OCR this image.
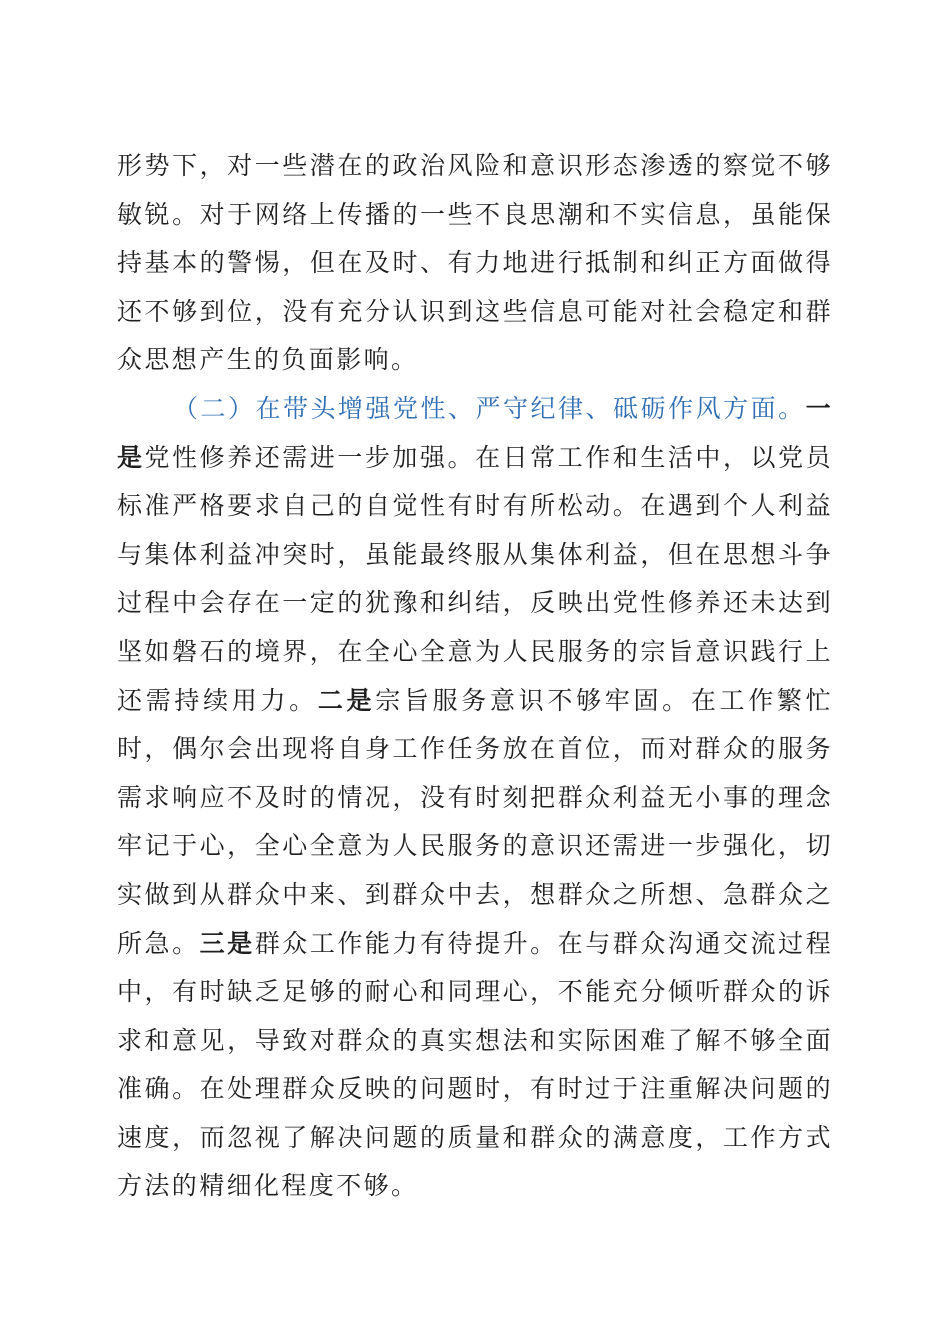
形势下，对一些潜在的政治风险和意识形态渗透的察觉不够敏锐。对于网络上传播的一些不良思潮和不实信息，虽能保持基本的警惕，但在及时、有力地进行抵制和纠正方面做得还不够到位，没有充分认识到这些信息可能对社会稳定和群众思想产生的负面影响。

（二）在带头增强党性、严守纪律、砥砺作风方面。一是党性修养还需进一步加强。在日常工作和生活中，以党员标准严格要求自己的自觉性有时有所松动。在遇到个人利益与集体利益冲突时，虽能最终服从集体利益，但在思想斗争过程中会存在一定的犹豫和纠结，反映出党性修养还未达到坚如磐石的境界，在全心全意为人民服务的宗旨意识践行上还需持续用力。二是宗旨服务意识不够牢固。在工作繁忙时，偶尔会出现将自身工作任务放在首位，而对群众的服务需求响应不及时的情况，没有时刻把群众利益无小事的理念牢记于心，全心全意为人民服务的意识还需进一步强化，切实做到从群众中来、到群众中去，想群众之所想、急群众之所急。三是群众工作能力有待提升。在与群众沟通交流过程中，有时缺乏足够的耐心和同理心，不能充分倾听群众的诉求和意见，导致对群众的真实想法和实际困难了解不够全面准确。在处理群众反映的问题时，有时过于注重解决问题的速度，而忽视了解决问题的质量和群众的满意度，工作方式方法的精细化程度不够。
